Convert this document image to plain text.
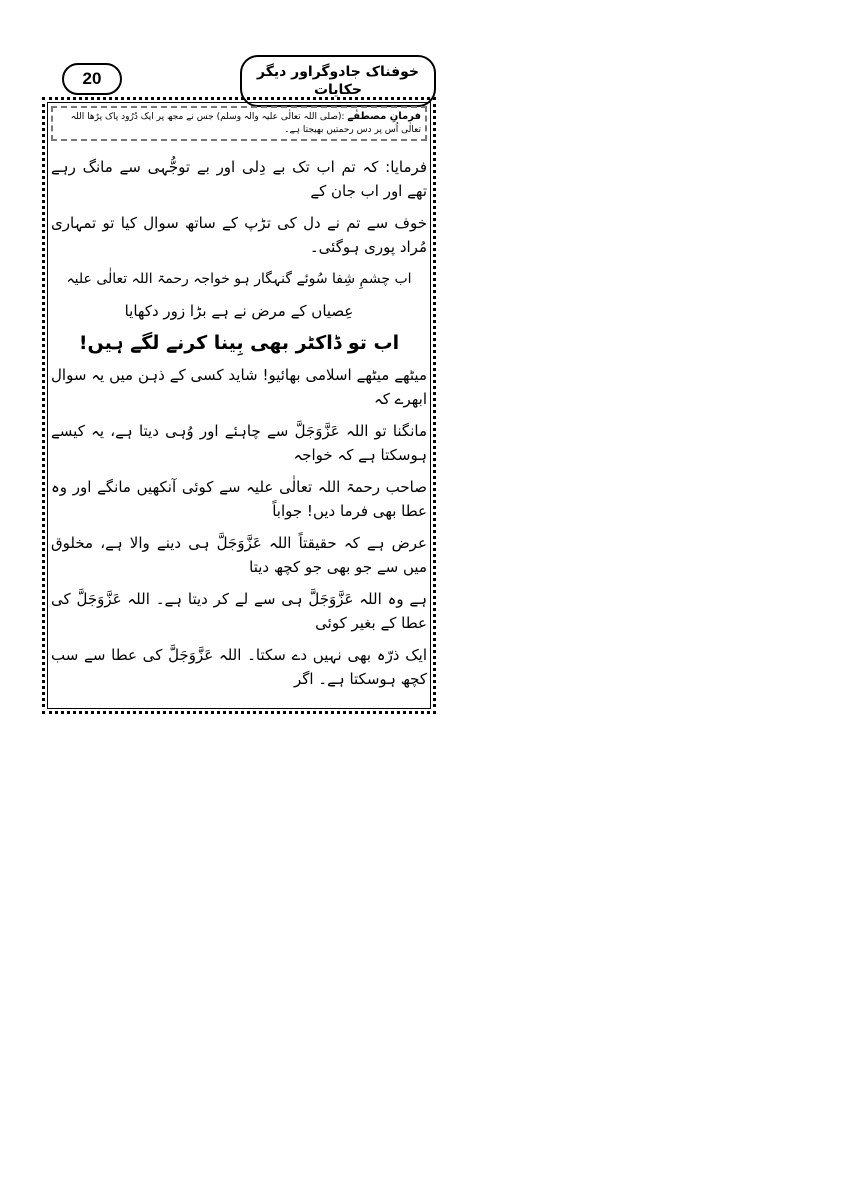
20	خوفناک جادوگراور دیگر حکایات
فرمانِ مصطفٰے :(صلی اللہ تعالٰی علیہ والہ وسلم) جس نے مجھ پر ایک دُرُود پاک پڑھا اللہ تعالٰی اُس پر دس رحمتیں بھیجتا ہے۔
فرمایا: کہ تم اب تک بے دِلی اور بے توجُّہی سے مانگ رہے تھے اور اب جان کے
خوف سے تم نے دل کی تڑپ کے ساتھ سوال کیا تو تمہاری مُراد پوری ہوگئی۔
اب چشمِ شِفا سُوئے گنہگار ہو خواجہ رحمۃ اللہ تعالٰی علیہ
عِصیاں کے مرض نے ہے بڑا زور دکھایا
اب تو ڈاکٹر بھی بِینا کرنے لگے ہیں!
میٹھے میٹھے اسلامی بھائیو! شاید کسی کے ذہن میں یہ سوال ابھرے کہ
مانگنا تو اللہ عَزَّوَجَلَّ سے چاہئے اور وُہی دیتا ہے، یہ کیسے ہوسکتا ہے کہ خواجہ
صاحب رحمۃ اللہ تعالٰی علیہ سے کوئی آنکھیں مانگے اور وہ عطا بھی فرما دیں! جواباً
عرض ہے کہ حقیقتاً اللہ عَزَّوَجَلَّ ہی دینے والا ہے، مخلوق میں سے جو بھی جو کچھ دیتا
ہے وہ اللہ عَزَّوَجَلَّ ہی سے لے کر دیتا ہے۔ اللہ عَزَّوَجَلَّ کی عطا کے بغیر کوئی
ایک ذرّہ بھی نہیں دے سکتا۔ اللہ عَزَّوَجَلَّ کی عطا سے سب کچھ ہوسکتا ہے۔ اگر
